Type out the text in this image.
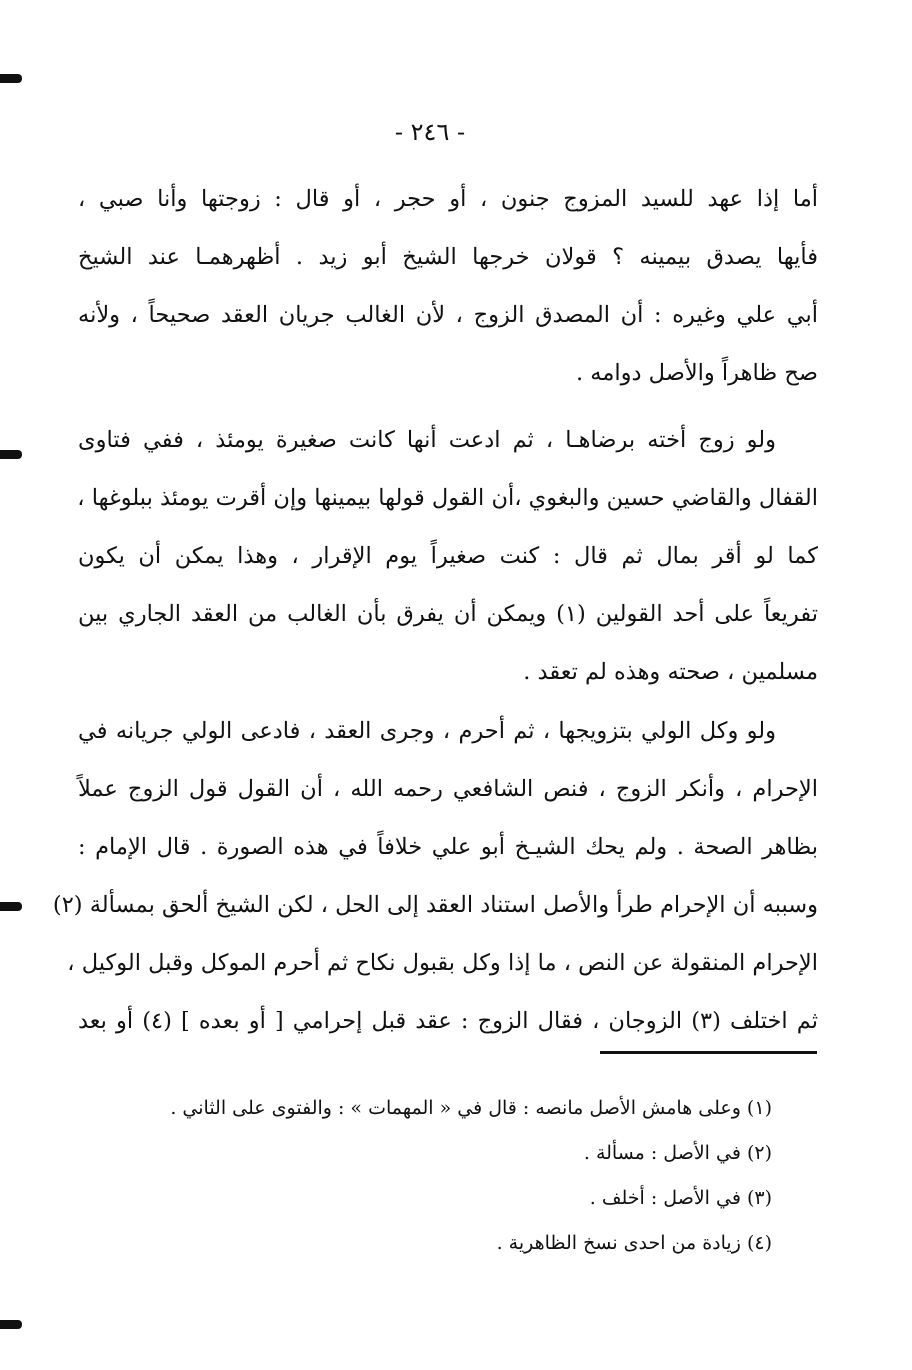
- ٢٤٦ -
أما إذا عهد للسيد المزوج جنون ، أو حجر ، أو قال : زوجتها وأنا صبي ،
فأيها يصدق بيمينه ؟ قولان خرجها الشيخ أبو زيد . أظهرهمـا عند الشيخ
أبي علي وغيره : أن المصدق الزوج ، لأن الغالب جريان العقد صحيحاً ، ولأنه
صح ظاهراً والأصل دوامه .
ولو زوج أخته برضاهـا ، ثم ادعت أنها كانت صغيرة يومئذ ، ففي فتاوى
القفال والقاضي حسين والبغوي ،أن القول قولها بيمينها وإن أقرت يومئذ ببلوغها ،
كما لو أقر بمال ثم قال : كنت صغيراً يوم الإقرار ، وهذا يمكن أن يكون
تفريعاً على أحد القولين (١) ويمكن أن يفرق بأن الغالب من العقد الجاري بين
مسلمين ، صحته وهذه لم تعقد .
ولو وكل الولي بتزويجها ، ثم أحرم ، وجرى العقد ، فادعى الولي جريانه في
الإحرام ، وأنكر الزوج ، فنص الشافعي رحمه الله ، أن القول قول الزوج عملاً
بظاهر الصحة . ولم يحك الشيـخ أبو علي خلافاً في هذه الصورة . قال الإمام :
وسببه أن الإحرام طرأ والأصل استناد العقد إلى الحل ، لكن الشيخ ألحق بمسألة (٢)
الإحرام المنقولة عن النص ، ما إذا وكل بقبول نكاح ثم أحرم الموكل وقبل الوكيل ،
ثم اختلف (٣) الزوجان ، فقال الزوج : عقد قبل إحرامي [ أو بعده ] (٤) أو بعد
(١) وعلى هامش الأصل مانصه : قال في « المهمات » : والفتوى على الثاني .
(٢) في الأصل : مسألة .
(٣) في الأصل : أخلف .
(٤) زيادة من احدى نسخ الظاهرية .
